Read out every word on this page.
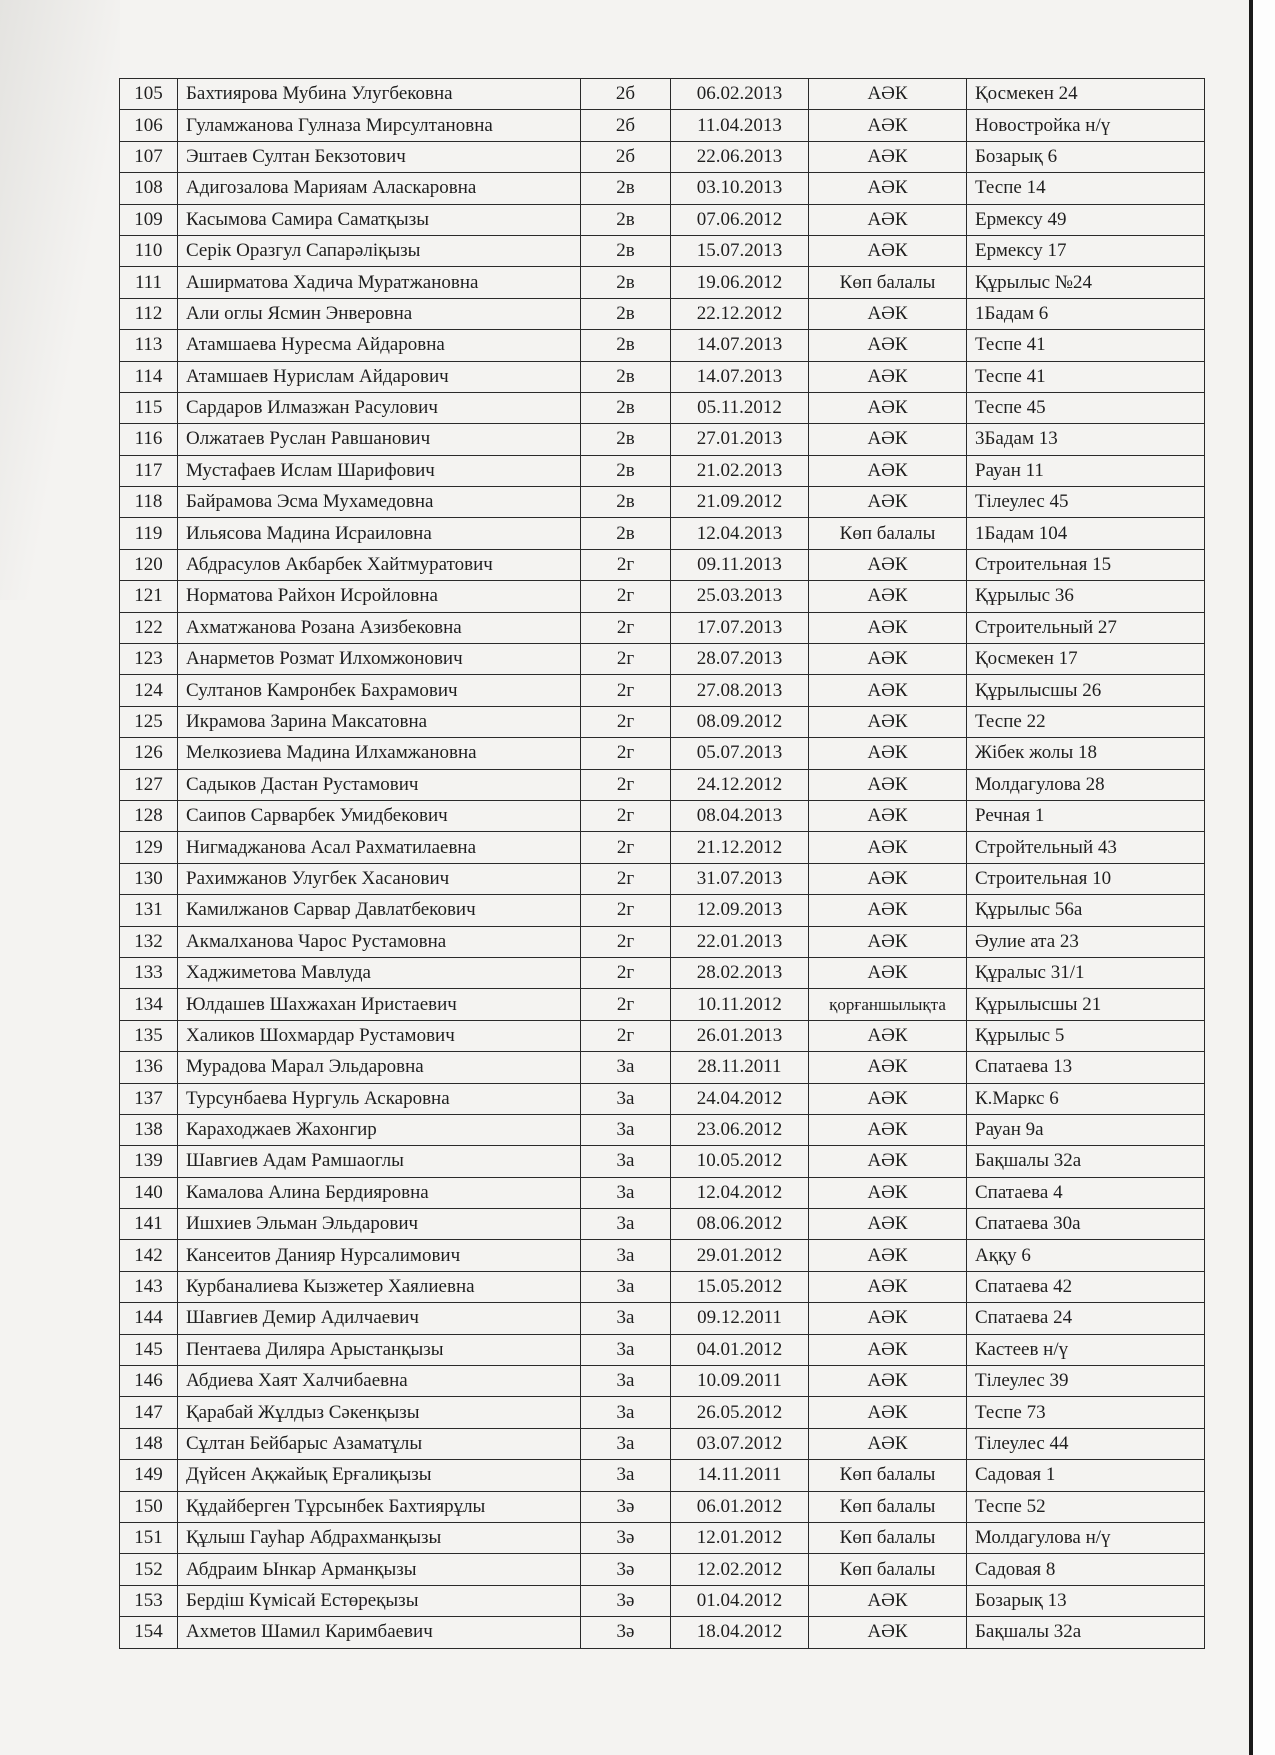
105	Бахтиярова Мубина Улугбековна	2б	06.02.2013	АӘК	Қосмекен 24
106	Гуламжанова Гулназа Мирсултановна	2б	11.04.2013	АӘК	Новостройка н/ү
107	Эштаев Султан Бекзотович	2б	22.06.2013	АӘК	Бозарық 6
108	Адигозалова Марияам Аласкаровна	2в	03.10.2013	АӘК	Теспе 14
109	Касымова Самира Саматқызы	2в	07.06.2012	АӘК	Ермексу 49
110	Серік Оразгул Сапарәліқызы	2в	15.07.2013	АӘК	Ермексу 17
111	Аширматова Хадича Муратжановна	2в	19.06.2012	Көп балалы	Құрылыс №24
112	Али оглы Ясмин Энверовна	2в	22.12.2012	АӘК	1Бадам 6
113	Атамшаева Нуресма Айдаровна	2в	14.07.2013	АӘК	Теспе 41
114	Атамшаев Нурислам Айдарович	2в	14.07.2013	АӘК	Теспе 41
115	Сардаров Илмазжан Расулович	2в	05.11.2012	АӘК	Теспе 45
116	Олжатаев Руслан Равшанович	2в	27.01.2013	АӘК	3Бадам 13
117	Мустафаев Ислам Шарифович	2в	21.02.2013	АӘК	Рауан 11
118	Байрамова Эсма Мухамедовна	2в	21.09.2012	АӘК	Тілеулес 45
119	Ильясова Мадина Исраиловна	2в	12.04.2013	Көп балалы	1Бадам 104
120	Абдрасулов Акбарбек Хайтмуратович	2г	09.11.2013	АӘК	Строительная 15
121	Норматова Райхон Исройловна	2г	25.03.2013	АӘК	Құрылыс 36
122	Ахматжанова Розана Азизбековна	2г	17.07.2013	АӘК	Строительный 27
123	Анарметов Розмат Илхомжонович	2г	28.07.2013	АӘК	Қосмекен 17
124	Султанов Камронбек Бахрамович	2г	27.08.2013	АӘК	Құрылысшы 26
125	Икрамова Зарина Максатовна	2г	08.09.2012	АӘК	Теспе 22
126	Мелкозиева Мадина Илхамжановна	2г	05.07.2013	АӘК	Жібек жолы 18
127	Садыков Дастан Рустамович	2г	24.12.2012	АӘК	Молдагулова 28
128	Саипов Сарварбек Умидбекович	2г	08.04.2013	АӘК	Речная 1
129	Нигмаджанова Асал Рахматилаевна	2г	21.12.2012	АӘК	Стройтельный 43
130	Рахимжанов Улугбек Хасанович	2г	31.07.2013	АӘК	Строительная 10
131	Камилжанов Сарвар Давлатбекович	2г	12.09.2013	АӘК	Құрылыс 56а
132	Акмалханова Чарос Рустамовна	2г	22.01.2013	АӘК	Әулие ата 23
133	Хаджиметова Мавлуда	2г	28.02.2013	АӘК	Құралыс 31/1
134	Юлдашев Шахжахан Иристаевич	2г	10.11.2012	қорғаншылықта	Құрылысшы 21
135	Халиков Шохмардар Рустамович	2г	26.01.2013	АӘК	Құрылыс 5
136	Мурадова Марал Эльдаровна	3а	28.11.2011	АӘК	Спатаева 13
137	Турсунбаева Нургуль Аскаровна	3а	24.04.2012	АӘК	К.Маркс 6
138	Караходжаев Жахонгир	3а	23.06.2012	АӘК	Рауан 9а
139	Шавгиев Адам Рамшаоглы	3а	10.05.2012	АӘК	Бақшалы 32а
140	Камалова Алина Бердияровна	3а	12.04.2012	АӘК	Спатаева 4
141	Ишхиев Эльман Эльдарович	3а	08.06.2012	АӘК	Спатаева 30а
142	Кансеитов Данияр Нурсалимович	3а	29.01.2012	АӘК	Аққу 6
143	Курбаналиева Кызжетер Хаялиевна	3а	15.05.2012	АӘК	Спатаева 42
144	Шавгиев Демир Адилчаевич	3а	09.12.2011	АӘК	Спатаева 24
145	Пентаева Диляра Арыстанқызы	3а	04.01.2012	АӘК	Кастеев н/ү
146	Абдиева Хаят Халчибаевна	3а	10.09.2011	АӘК	Тілеулес 39
147	Қарабай Жұлдыз Сәкенқызы	3а	26.05.2012	АӘК	Теспе 73
148	Сұлтан Бейбарыс Азаматұлы	3а	03.07.2012	АӘК	Тілеулес 44
149	Дүйсен Ақжайық Ерғалиқызы	3а	14.11.2011	Көп балалы	Садовая 1
150	Құдайберген Тұрсынбек Бахтиярұлы	3ә	06.01.2012	Көп балалы	Теспе 52
151	Құлыш Гауһар Абдрахманқызы	3ә	12.01.2012	Көп балалы	Молдагулова н/ү
152	Абдраим Ынкар Арманқызы	3ә	12.02.2012	Көп балалы	Садовая 8
153	Бердіш Күмісай Естөреқызы	3ә	01.04.2012	АӘК	Бозарық 13
154	Ахметов Шамил Каримбаевич	3ә	18.04.2012	АӘК	Бақшалы 32а
